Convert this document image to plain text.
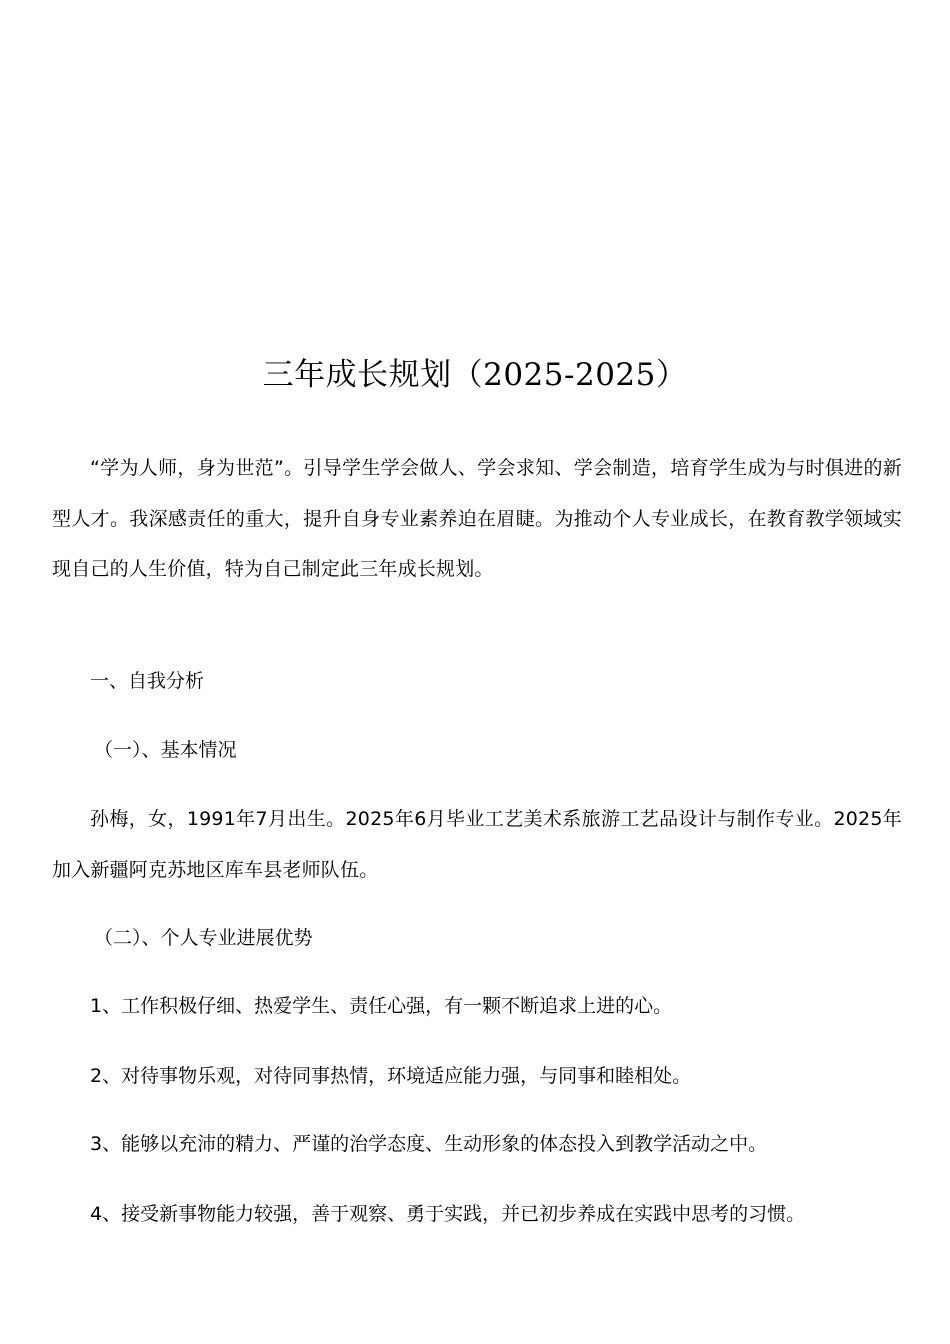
三年成长规划（2025-2025）

“学为人师，身为世范”。引导学生学会做人、学会求知、学会制造，培育学生成为与时俱进的新型人才。我深感责任的重大，提升自身专业素养迫在眉睫。为推动个人专业成长，在教育教学领域实现自己的人生价值，特为自己制定此三年成长规划。

一、自我分析
（一）、基本情况

孙梅，女，1991年7月出生。2025年6月毕业工艺美术系旅游工艺品设计与制作专业。2025年加入新疆阿克苏地区库车县老师队伍。

（二）、个人专业进展优势
1、工作积极仔细、热爱学生、责任心强，有一颗不断追求上进的心。
2、对待事物乐观，对待同事热情，环境适应能力强，与同事和睦相处。
3、能够以充沛的精力、严谨的治学态度、生动形象的体态投入到教学活动之中。
4、接受新事物能力较强，善于观察、勇于实践，并已初步养成在实践中思考的习惯。
